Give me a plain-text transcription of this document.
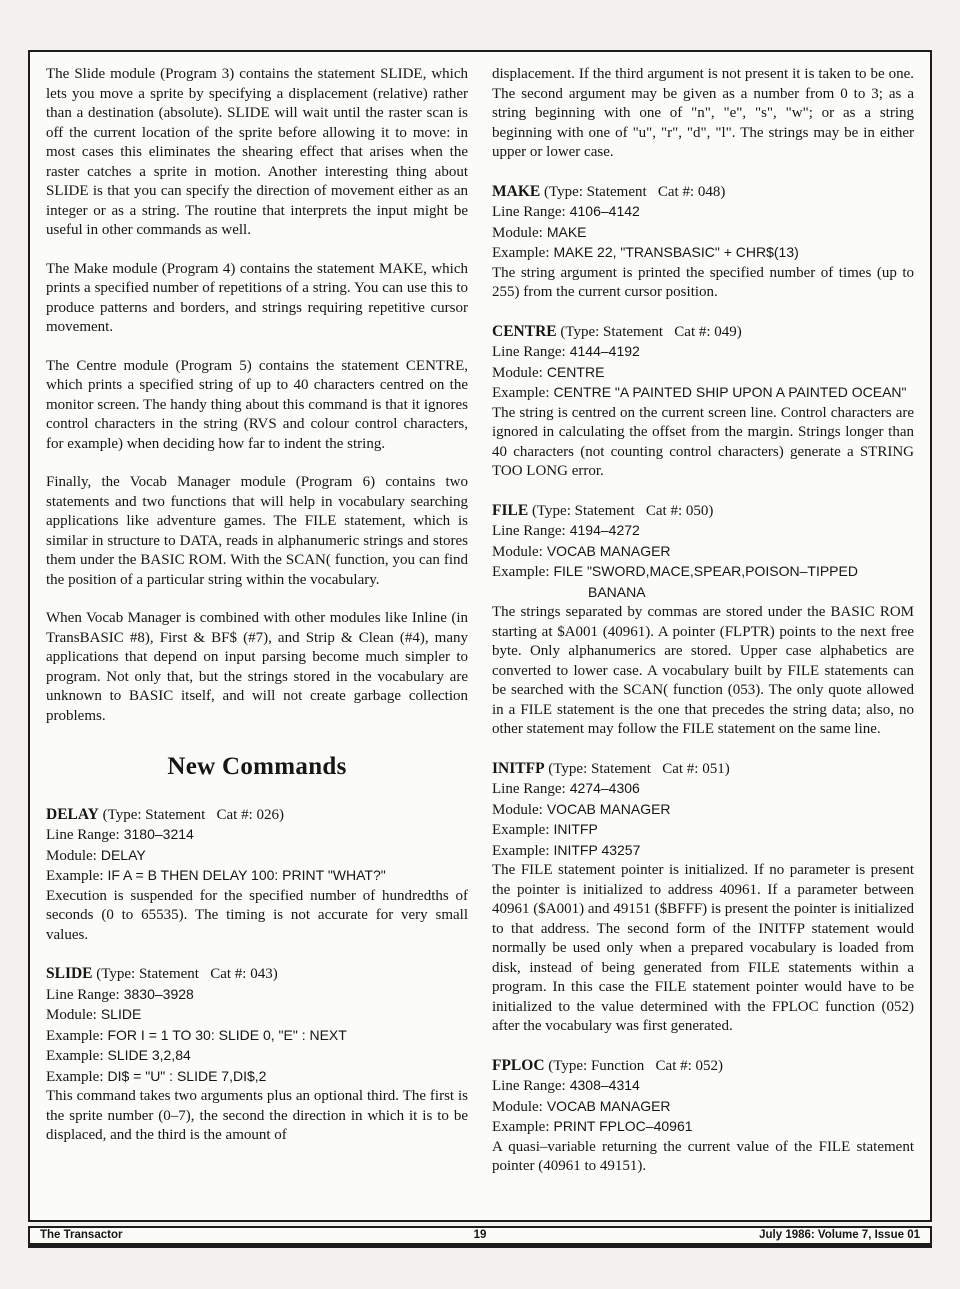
The Slide module (Program 3) contains the statement SLIDE, which lets you move a sprite by specifying a displacement (relative) rather than a destination (absolute). SLIDE will wait until the raster scan is off the current location of the sprite before allowing it to move: in most cases this eliminates the shearing effect that arises when the raster catches a sprite in motion. Another interesting thing about SLIDE is that you can specify the direction of movement either as an integer or as a string. The routine that interprets the input might be useful in other commands as well.

The Make module (Program 4) contains the statement MAKE, which prints a specified number of repetitions of a string. You can use this to produce patterns and borders, and strings requiring repetitive cursor movement.

The Centre module (Program 5) contains the statement CENTRE, which prints a specified string of up to 40 characters centred on the monitor screen. The handy thing about this command is that it ignores control characters in the string (RVS and colour control characters, for example) when deciding how far to indent the string.

Finally, the Vocab Manager module (Program 6) contains two statements and two functions that will help in vocabulary searching applications like adventure games. The FILE statement, which is similar in structure to DATA, reads in alphanumeric strings and stores them under the BASIC ROM. With the SCAN( function, you can find the position of a particular string within the vocabulary.

When Vocab Manager is combined with other modules like Inline (in TransBASIC #8), First & BF$ (#7), and Strip & Clean (#4), many applications that depend on input parsing become much simpler to program. Not only that, but the strings stored in the vocabulary are unknown to BASIC itself, and will not create garbage collection problems.

New Commands
DELAY (Type: Statement   Cat #: 026)
Line Range: 3180–3214
Module: DELAY
Example: IF A = B THEN DELAY 100: PRINT "WHAT?"

Execution is suspended for the specified number of hundredths of seconds (0 to 65535). The timing is not accurate for very small values.

SLIDE (Type: Statement   Cat #: 043)
Line Range: 3830–3928
Module: SLIDE
Example: FOR I = 1 TO 30: SLIDE 0, "E" : NEXT
Example: SLIDE 3,2,84
Example: DI$ = "U" : SLIDE 7,DI$,2

This command takes two arguments plus an optional third. The first is the sprite number (0–7), the second the direction in which it is to be displaced, and the third is the amount of

displacement. If the third argument is not present it is taken to be one. The second argument may be given as a number from 0 to 3; as a string beginning with one of "n", "e", "s", "w"; or as a string beginning with one of "u", "r", "d", "l". The strings may be in either upper or lower case.

MAKE (Type: Statement   Cat #: 048)
Line Range: 4106–4142
Module: MAKE
Example: MAKE 22, "TRANSBASIC" + CHR$(13)

The string argument is printed the specified number of times (up to 255) from the current cursor position.

CENTRE (Type: Statement   Cat #: 049)
Line Range: 4144–4192
Module: CENTRE
Example: CENTRE "A PAINTED SHIP UPON A PAINTED OCEAN"

The string is centred on the current screen line. Control characters are ignored in calculating the offset from the margin. Strings longer than 40 characters (not counting control characters) generate a STRING TOO LONG error.

FILE (Type: Statement   Cat #: 050)
Line Range: 4194–4272
Module: VOCAB MANAGER
Example: FILE "SWORD,MACE,SPEAR,POISON–TIPPED BANANA

The strings separated by commas are stored under the BASIC ROM starting at $A001 (40961). A pointer (FLPTR) points to the next free byte. Only alphanumerics are stored. Upper case alphabetics are converted to lower case. A vocabulary built by FILE statements can be searched with the SCAN( function (053). The only quote allowed in a FILE statement is the one that precedes the string data; also, no other statement may follow the FILE statement on the same line.

INITFP (Type: Statement   Cat #: 051)
Line Range: 4274–4306
Module: VOCAB MANAGER
Example: INITFP
Example: INITFP 43257

The FILE statement pointer is initialized. If no parameter is present the pointer is initialized to address 40961. If a parameter between 40961 ($A001) and 49151 ($BFFF) is present the pointer is initialized to that address. The second form of the INITFP statement would normally be used only when a prepared vocabulary is loaded from disk, instead of being generated from FILE statements within a program. In this case the FILE statement pointer would have to be initialized to the value determined with the FPLOC function (052) after the vocabulary was first generated.

FPLOC (Type: Function   Cat #: 052)
Line Range: 4308–4314
Module: VOCAB MANAGER
Example: PRINT FPLOC–40961

A quasi–variable returning the current value of the FILE statement pointer (40961 to 49151).

The Transactor	19	July 1986: Volume 7, Issue 01
